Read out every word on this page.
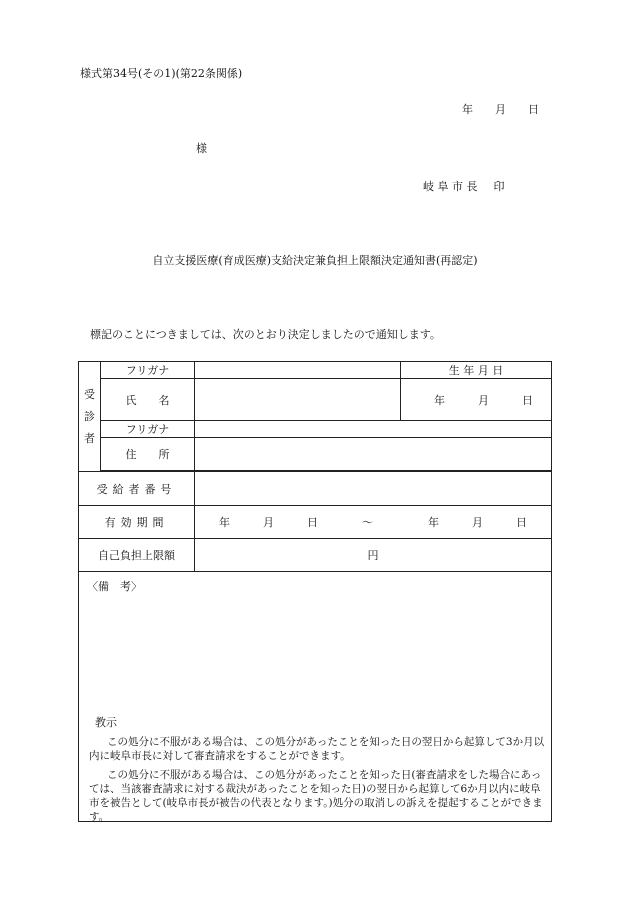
様式第34号(その1)(第22条関係)
年　　月　　日
様
岐 阜 市 長 印
自立支援医療(育成医療)支給決定兼負担上限額決定通知書(再認定)
標記のことにつきましては、次のとおり決定しましたので通知します。
受
診
者	フリガナ		生 年 月 日
	氏　　名		年　　　月　　　日
	フリガナ		
	住　　所		

受給者番号			
有効期間		年　　　月　　　日　　　　〜　　　　　年　　　月　　　日	
自己負担上限額		円	

〈備　考〉
教示
この処分に不服がある場合は、この処分があったことを知った日の翌日から起算して3か月以内に岐阜市長に対して審査請求をすることができます。
この処分に不服がある場合は、この処分があったことを知った日(審査請求をした場合にあっては、当該審査請求に対する裁決があったことを知った日)の翌日から起算して6か月以内に岐阜市を被告として(岐阜市長が被告の代表となります。)処分の取消しの訴えを提起することができます。			
